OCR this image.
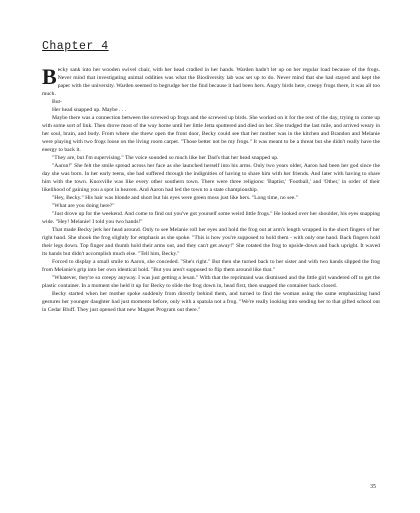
Chapter 4

Becky sank into her wooden swivel chair, with her head cradled in her hands. Warden hadn't let up on her regular load because of the frogs. Never mind that investigating animal oddities was what the Biodiversity lab was set up to do. Never mind that she had stayed and kept the paper with the university. Warden seemed to begrudge her the find because it had been hers. Angry birds here, creepy frogs there, it was all too much.

But-

Her head snapped up. Maybe . . .

Maybe there was a connection between the screwed up frogs and the screwed up birds. She worked on it for the rest of the day, trying to come up with some sort of link. Then drove most of the way home until her little Jetta sputtered and died on her. She trudged the last mile, and arrived weary in her soul, brain, and body. From where she threw open the front door, Becky could see that her mother was in the kitchen and Brandon and Melanie were playing with two frogs loose on the living room carpet. "Those better not be my frogs." It was meant to be a threat but she didn't really have the energy to back it.

"They are, but I'm supervising." The voice sounded so much like her Dad's that her head snapped up.

"Aaron!" She felt the smile spread across her face as she launched herself into his arms. Only two years older, Aaron had been her god since the day she was born. In her early teens, she had suffered through the indignities of having to share him with her friends. And later with having to share him with the town. Knoxville was like every other southern town. There were three religions: 'Baptist,' 'Football,' and 'Other,' in order of their likelihood of gaining you a spot in heaven. And Aaron had led the town to a state championship.

"Hey, Becky." His hair was blonde and short but his eyes were green moss just like hers. "Long time, no see."

"What are you doing here?"

"Just drove up for the weekend. And come to find out you've got yourself some weird little frogs." He looked over her shoulder, his eyes snapping wide. "Hey! Melanie! I told you two hands!"

That made Becky jerk her head around. Only to see Melanie roll her eyes and hold the frog out at arm's length wrapped in the short fingers of her right hand. She shook the frog slightly for emphasis as she spoke. "This is how you're supposed to hold them - with only one hand. Back fingers hold their legs down. Top finger and thumb hold their arms out, and they can't get away!" She rotated the frog to upside-down and back upright. It waved its hands but didn't accomplish much else. "Tell him, Becky."

Forced to display a small smile to Aaron, she conceded. "She's right." But then she turned back to her sister and with two hands slipped the frog from Melanie's grip into her own identical hold. "But you aren't supposed to flip them around like that."

"Whatever, they're so creepy anyway. I was just getting a lexan." With that the reprimand was dismissed and the little girl wandered off to get the plastic container. In a moment she held it up for Becky to slide the frog down in, head first, then snapped the container back closed.

Becky started when her mother spoke suddenly from directly behind them, and turned to find the woman using the same emphasizing hand gestures her younger daughter had just moments before, only with a spatula not a frog. "We're really looking into sending her to that gifted school out in Cedar Bluff. They just opened that new Magnet Program out there."

35
